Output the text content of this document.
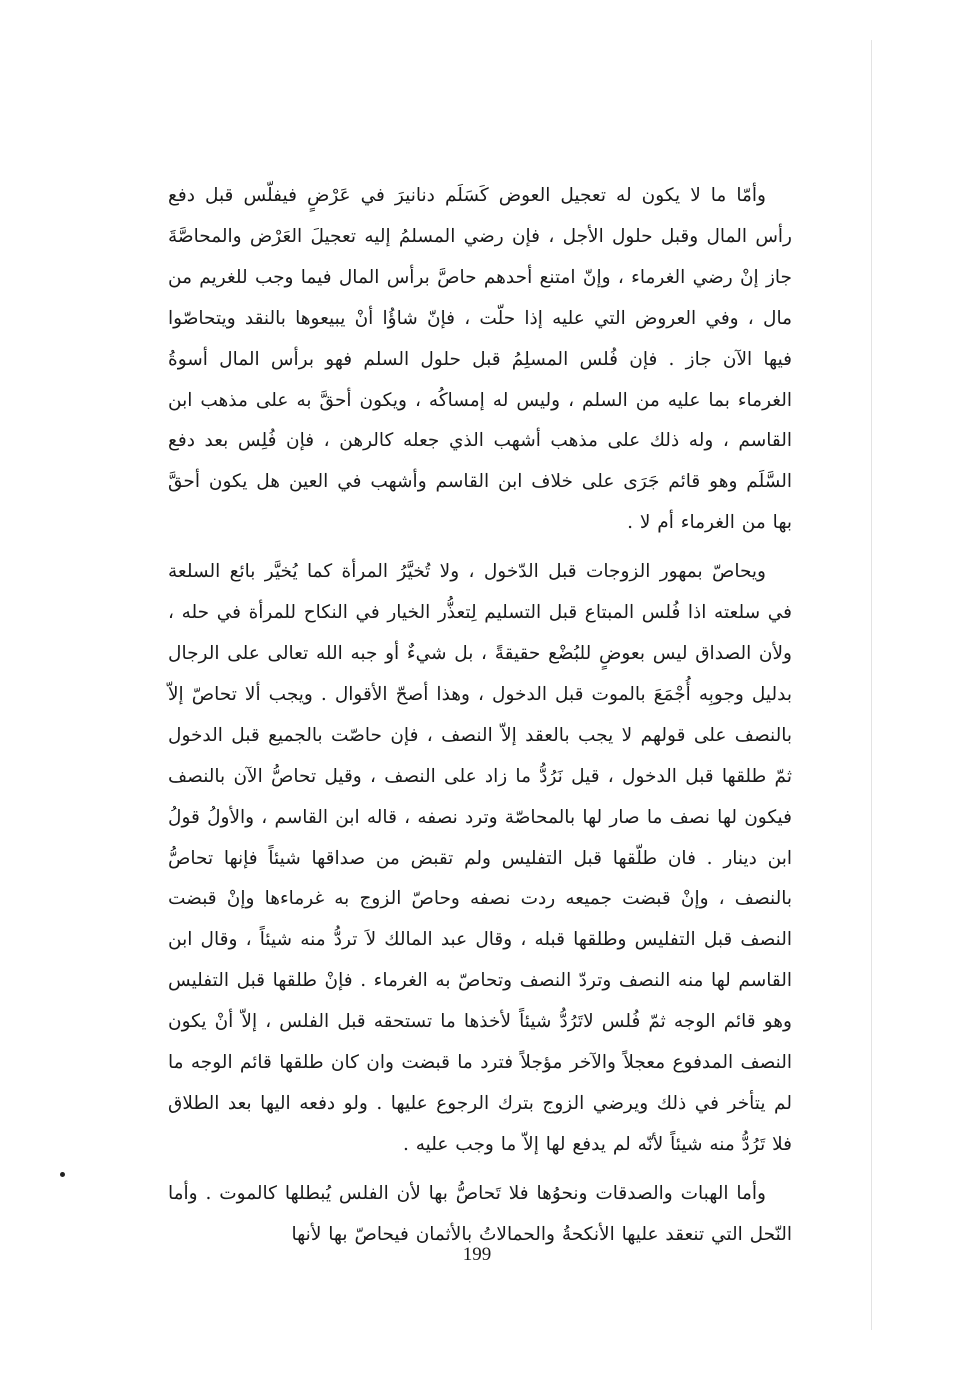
وأمّا ما لا يكون له تعجيل العوض كَسَلَم دنانيرَ في عَرْضٍ فيفلّس قبل دفع رأس المال وقبل حلول الأجل ، فإن رضي المسلمُ إليه تعجيلَ العَرْض والمحاصَّةَ جاز إنْ رضي الغرماء ، وإنّ امتنع أحدهم حاصَّ برأس المال فيما وجب للغريم من مال ، وفي العروض التي عليه إذا حلّت ، فإنّ شاؤُا أنْ يبيعوها بالنقد ويتحاصّوا فيها الآن جاز . فإن فُلس المسلِمُ قبل حلول السلم فهو برأس المال أسوةُ الغرماء بما عليه من السلم ، وليس له إمساكُه ، ويكون أحقَّ به على مذهب ابن القاسم ، وله ذلك على مذهب أشهب الذي جعله كالرهن ، فإن فُلِس بعد دفع السَّلَم وهو قائم جَرَى على خلاف ابن القاسم وأشهب في العين هل يكون أحقَّ بها من الغرماء أم لا .

ويحاصّ بمهور الزوجات قبل الدّخول ، ولا تُخيَّرُ المرأة كما يُخيَّر بائع السلعة في سلعته اذا فُلس المبتاع قبل التسليم لِتعذُّر الخيار في النكاح للمرأة في حله ، ولأن الصداق ليس بعوضٍ للبُضْع حقيقةً ، بل شيءٌ أو جبه الله تعالى على الرجال بدليل وجوبِه أُجْمَعَ بالموت قبل الدخول ، وهذا أصحّ الأقوال . ويجب ألا تحاصّ إلاّ بالنصف على قولهم لا يجب بالعقد إلاّ النصف ، فإن حاصّت بالجميع قبل الدخول ثمّ طلقها قبل الدخول ، قيل نَرُدُّ ما زاد على النصف ، وقيل تحاصُّ الآن بالنصف فيكون لها نصف ما صار لها بالمحاصّة وترد نصفه ، قاله ابن القاسم ، والأولُ قولُ ابن دينار . فان طلّقها قبل التفليس ولم تقبض من صداقها شيئاً فإنها تحاصُّ بالنصف ، وإنْ قبضت جميعه ردت نصفه وحاصّ الزوج به غرماءها وإنْ قبضت النصف قبل التفليس وطلقها قبله ، وقال عبد المالك لاَ تردُّ منه شيئاً ، وقال ابن القاسم لها منه النصف وتردّ النصف وتحاصّ به الغرماء . فإنْ طلقها قبل التفليس وهو قائم الوجه ثمّ فُلس لاتَرُدُّ شيئاً لأخذها ما تستحقه قبل الفلس ، إلاّ أنْ يكون النصف المدفوع معجلاً والآخر مؤجلاً فترد ما قبضت وان كان طلقها قائم الوجه ما لم يتأخر في ذلك ويرضي الزوج بترك الرجوع عليها . ولو دفعه اليها بعد الطلاق فلا تَرُدُّ منه شيئاً لأنّه لم يدفع لها إلاّ ما وجب عليه .

وأما الهبات والصدقات ونحوُها فلا تَحاصُّ بها لأن الفلس يُبطلها كالموت . وأما النّحل التي تنعقد عليها الأنكحةُ والحمالاتُ بالأثمان فيحاصّ بها لأنها

199
